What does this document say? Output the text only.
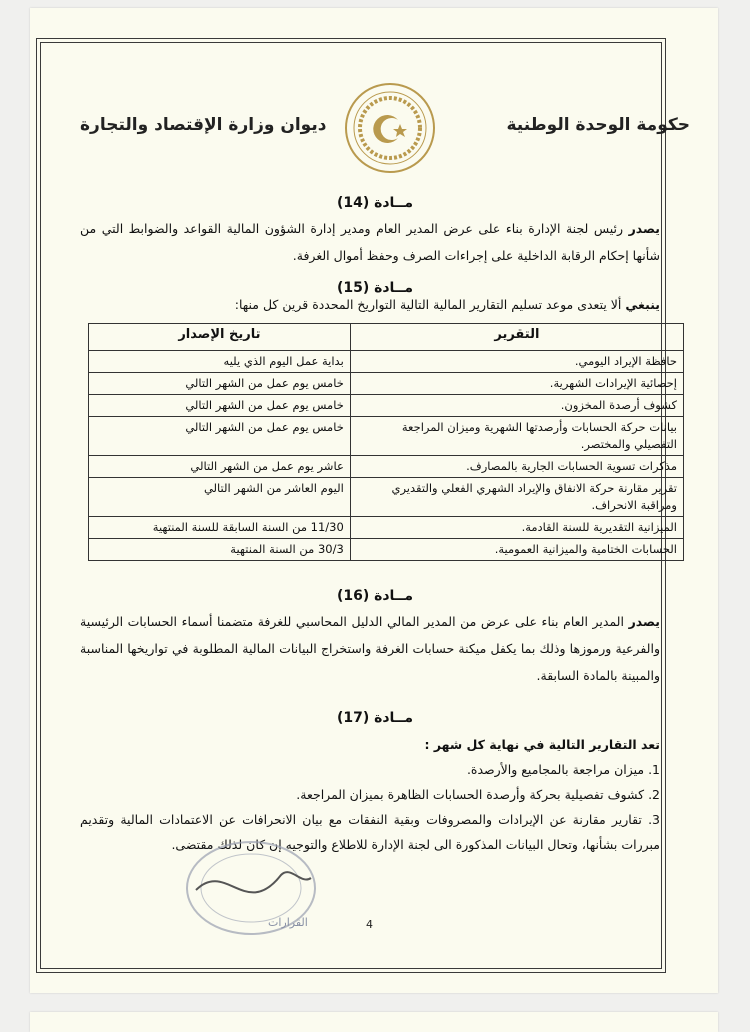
حكومة الوحدة الوطنية
ديوان وزارة الإقتصاد والتجارة
مــادة (14)
يصدر رئيس لجنة الإدارة بناء على عرض المدير العام ومدير إدارة الشؤون المالية القواعد والضوابط التي من شأنها إحكام الرقابة الداخلية على إجراءات الصرف وحفظ أموال الغرفة.
مــادة (15)
ينبغي ألا يتعدى موعد تسليم التقارير المالية التالية التواريخ المحددة قرين كل منها:
التقرير	تاريخ الإصدار
حافظة الإيراد اليومي.	بداية عمل اليوم الذي يليه
إحصائية الإيرادات الشهرية.	خامس يوم عمل من الشهر التالي
كشوف أرصدة المخزون.	خامس يوم عمل من الشهر التالي
بيانات حركة الحسابات وأرصدتها الشهرية وميزان المراجعة التفصيلي والمختصر.	خامس يوم عمل من الشهر التالي
مذكرات تسوية الحسابات الجارية بالمصارف.	عاشر يوم عمل من الشهر التالي
تقرير مقارنة حركة الانفاق والإيراد الشهري الفعلي والتقديري ومراقبة الانحراف.	اليوم العاشر من الشهر التالي
الميزانية التقديرية للسنة القادمة.	11/30 من السنة السابقة للسنة المنتهية
الحسابات الختامية والميزانية العمومية.	30/3 من السنة المنتهية
مــادة (16)
يصدر المدير العام بناء على عرض من المدير المالي الدليل المحاسبي للغرفة متضمنا أسماء الحسابات الرئيسية والفرعية ورموزها وذلك بما يكفل ميكنة حسابات الغرفة واستخراج البيانات المالية المطلوبة في تواريخها المناسبة والمبينة بالمادة السابقة.
مــادة (17)

تعد التقارير التالية في نهاية كل شهر :

1. ميزان مراجعة بالمجاميع والأرصدة.

2. كشوف تفصيلية بحركة وأرصدة الحسابات الظاهرة بميزان المراجعة.

3. تقارير مقارنة عن الإيرادات والمصروفات وبقية النفقات مع بيان الانحرافات عن الاعتمادات المالية وتقديم مبررات بشأنها، وتحال البيانات المذكورة الى لجنة الإدارة للاطلاع والتوجيه إن كان لذلك مقتضى.

القرارات	4
